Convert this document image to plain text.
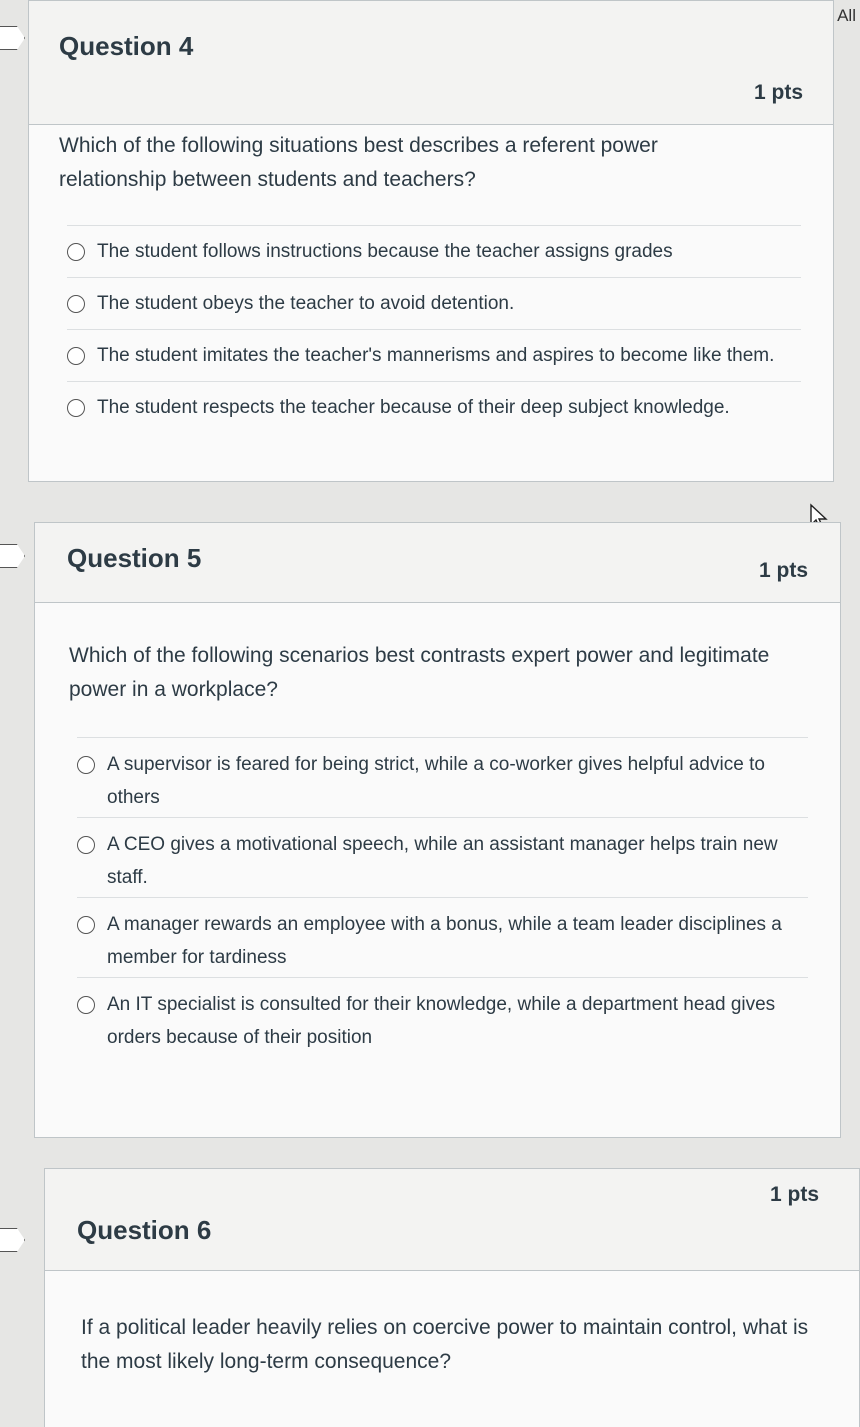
All
Question 4
1 pts
Which of the following situations best describes a referent power relationship between students and teachers?
The student follows instructions because the teacher assigns grades
The student obeys the teacher to avoid detention.
The student imitates the teacher's mannerisms and aspires to become like them.
The student respects the teacher because of their deep subject knowledge.
Question 5	1 pts
Which of the following scenarios best contrasts expert power and legitimate power in a workplace?
A supervisor is feared for being strict, while a co-worker gives helpful advice to others
A CEO gives a motivational speech, while an assistant manager helps train new staff.
A manager rewards an employee with a bonus, while a team leader disciplines a member for tardiness
An IT specialist is consulted for their knowledge, while a department head gives orders because of their position
Question 6
1 pts
If a political leader heavily relies on coercive power to maintain control, what is the most likely long-term consequence?
